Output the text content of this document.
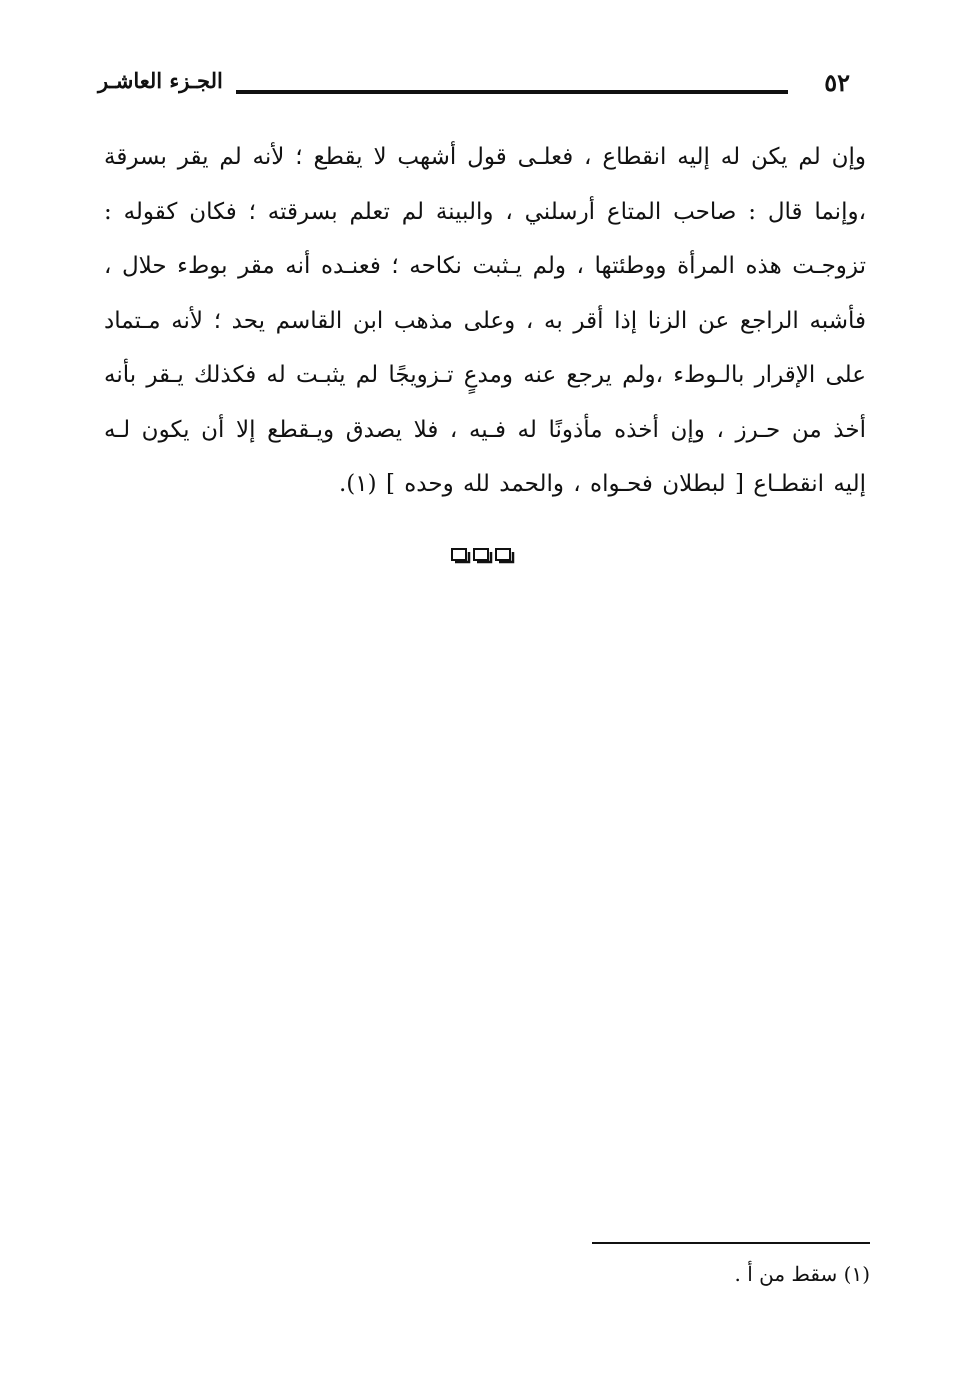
٥٢
الجـزء العاشـر

وإن لم يكن له إليه انقطاع ، فعلـى قول أشهب لا يقطع ؛ لأنه لم يقر بسرقة ،وإنما قال : صاحب المتاع أرسلني ، والبينة لم تعلم بسرقته ؛ فكان كقوله : تزوجـت هذه المرأة ووطئتها ، ولم يـثبت نكاحه ؛ فعنـده أنه مقر بوطء حلال ، فأشبه الراجع عن الزنا إذا أقر به ، وعلى مذهب ابن القاسم يحد ؛ لأنه مـتماد على الإقرار بالـوطء ،ولم يرجع عنه ومدعٍ تـزويجًا لم يثبـت له فكذلك يـقر بأنه أخذ من حـرز ، وإن أخذه مأذونًا له فـيه ، فلا يصدق ويـقطع إلا أن يكون لـه إليه انقطـاع [ لبطلان فحـواه ، والحمد لله وحده ] (١).

(١) سقط من أ .
